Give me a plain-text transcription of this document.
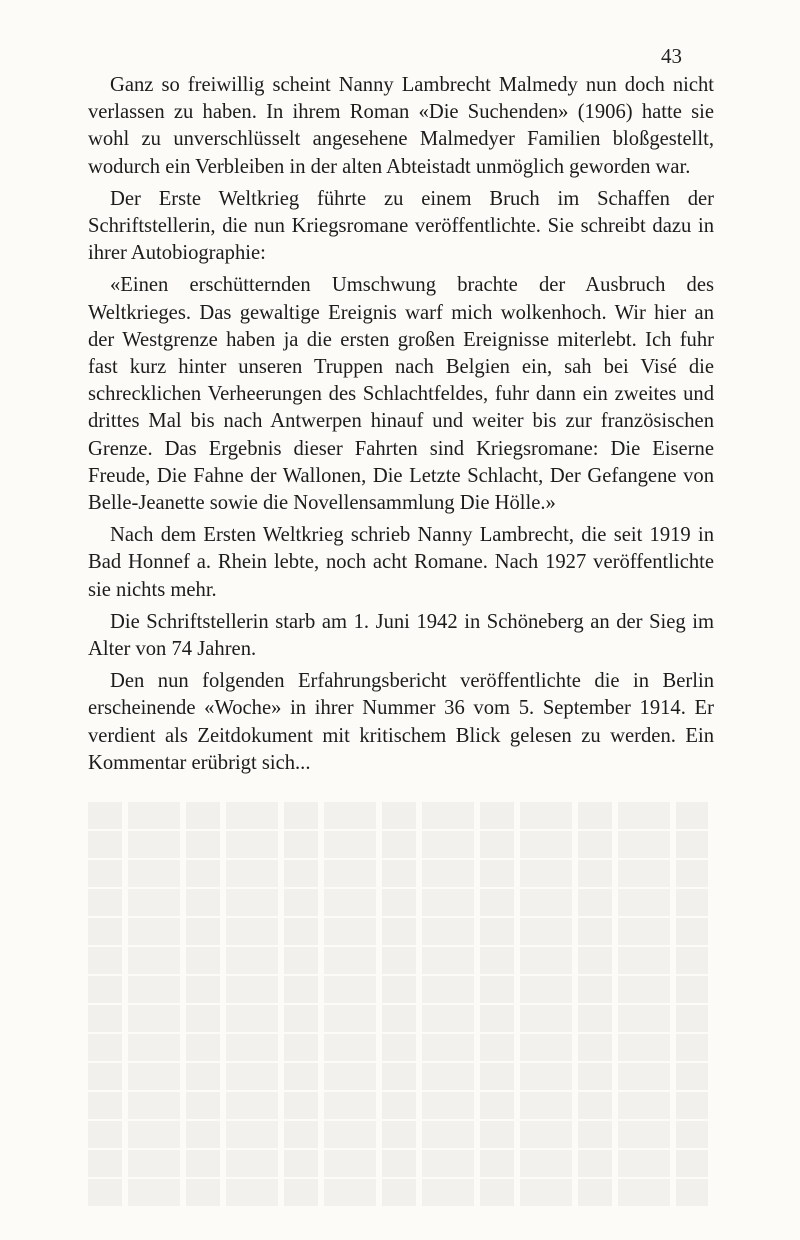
43

Ganz so freiwillig scheint Nanny Lambrecht Malmedy nun doch nicht verlassen zu haben. In ihrem Roman «Die Suchenden» (1906) hatte sie wohl zu unverschlüsselt angesehene Malmedyer Familien bloßgestellt, wodurch ein Verbleiben in der alten Abteistadt unmöglich geworden war.

Der Erste Weltkrieg führte zu einem Bruch im Schaffen der Schriftstellerin, die nun Kriegsromane veröffentlichte. Sie schreibt dazu in ihrer Autobiographie:

«Einen erschütternden Umschwung brachte der Ausbruch des Weltkrieges. Das gewaltige Ereignis warf mich wolkenhoch. Wir hier an der Westgrenze haben ja die ersten großen Ereignisse miterlebt. Ich fuhr fast kurz hinter unseren Truppen nach Belgien ein, sah bei Visé die schrecklichen Verheerungen des Schlachtfeldes, fuhr dann ein zweites und drittes Mal bis nach Antwerpen hinauf und weiter bis zur französischen Grenze. Das Ergebnis dieser Fahrten sind Kriegsromane: Die Eiserne Freude, Die Fahne der Wallonen, Die Letzte Schlacht, Der Gefangene von Belle-Jeanette sowie die Novellensammlung Die Hölle.»

Nach dem Ersten Weltkrieg schrieb Nanny Lambrecht, die seit 1919 in Bad Honnef a. Rhein lebte, noch acht Romane. Nach 1927 veröffentlichte sie nichts mehr.

Die Schriftstellerin starb am 1. Juni 1942 in Schöneberg an der Sieg im Alter von 74 Jahren.

Den nun folgenden Erfahrungsbericht veröffentlichte die in Berlin erscheinende «Woche» in ihrer Nummer 36 vom 5. September 1914. Er verdient als Zeitdokument mit kritischem Blick gelesen zu werden. Ein Kommentar erübrigt sich...
